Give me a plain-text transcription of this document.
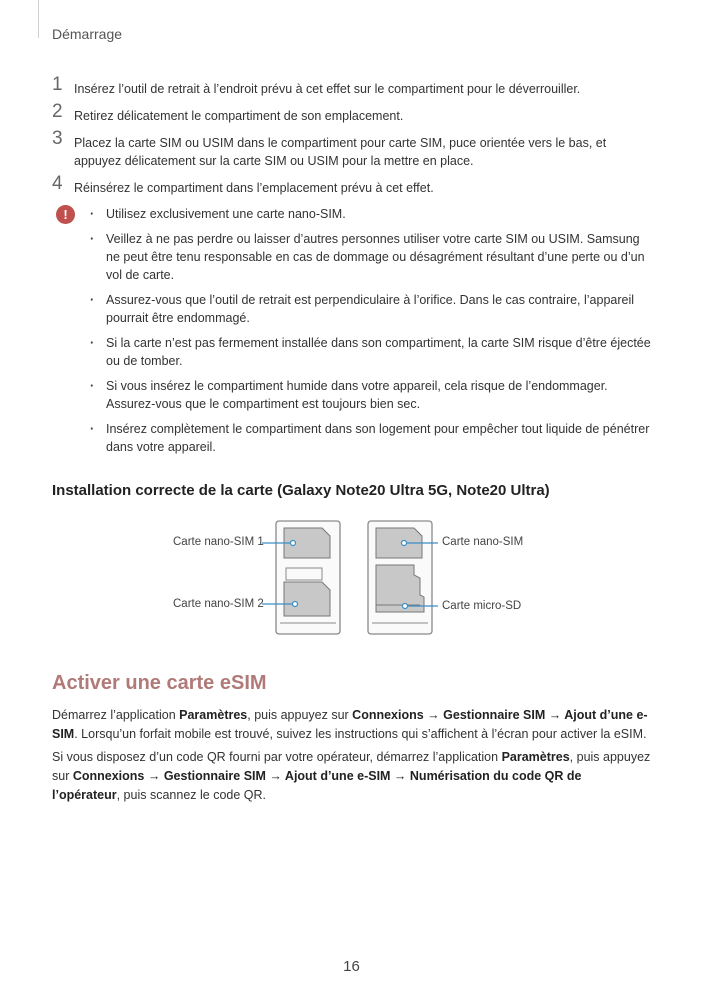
Démarrage
1 Insérez l’outil de retrait à l’endroit prévu à cet effet sur le compartiment pour le déverrouiller.
2 Retirez délicatement le compartiment de son emplacement.
3 Placez la carte SIM ou USIM dans le compartiment pour carte SIM, puce orientée vers le bas, et appuyez délicatement sur la carte SIM ou USIM pour la mettre en place.
4 Réinsérez le compartiment dans l’emplacement prévu à cet effet.
!
·	Utilisez exclusivement une carte nano-SIM.
· Veillez à ne pas perdre ou laisser d’autres personnes utiliser votre carte SIM ou USIM. Samsung ne peut être tenu responsable en cas de dommage ou désagrément résultant d’une perte ou d’un vol de carte.
· Assurez-vous que l’outil de retrait est perpendiculaire à l’orifice. Dans le cas contraire, l’appareil pourrait être endommagé.
· Si la carte n’est pas fermement installée dans son compartiment, la carte SIM risque d’être éjectée ou de tomber.
· Si vous insérez le compartiment humide dans votre appareil, cela risque de l’endommager. Assurez-vous que le compartiment est toujours bien sec.
· Insérez complètement le compartiment dans son logement pour empêcher tout liquide de pénétrer dans votre appareil.
Installation correcte de la carte (Galaxy Note20 Ultra 5G, Note20 Ultra)
Carte nano-SIM 1
Carte nano-SIM 2
Carte nano-SIM
Carte micro-SD
Activer une carte eSIM

Démarrez l’application Paramètres, puis appuyez sur Connexions → Gestionnaire SIM → Ajout d’une e-SIM. Lorsqu’un forfait mobile est trouvé, suivez les instructions qui s’affichent à l’écran pour activer la eSIM.

Si vous disposez d’un code QR fourni par votre opérateur, démarrez l’application Paramètres, puis appuyez sur Connexions → Gestionnaire SIM → Ajout d’une e-SIM → Numérisation du code QR de l’opérateur, puis scannez le code QR.

16
